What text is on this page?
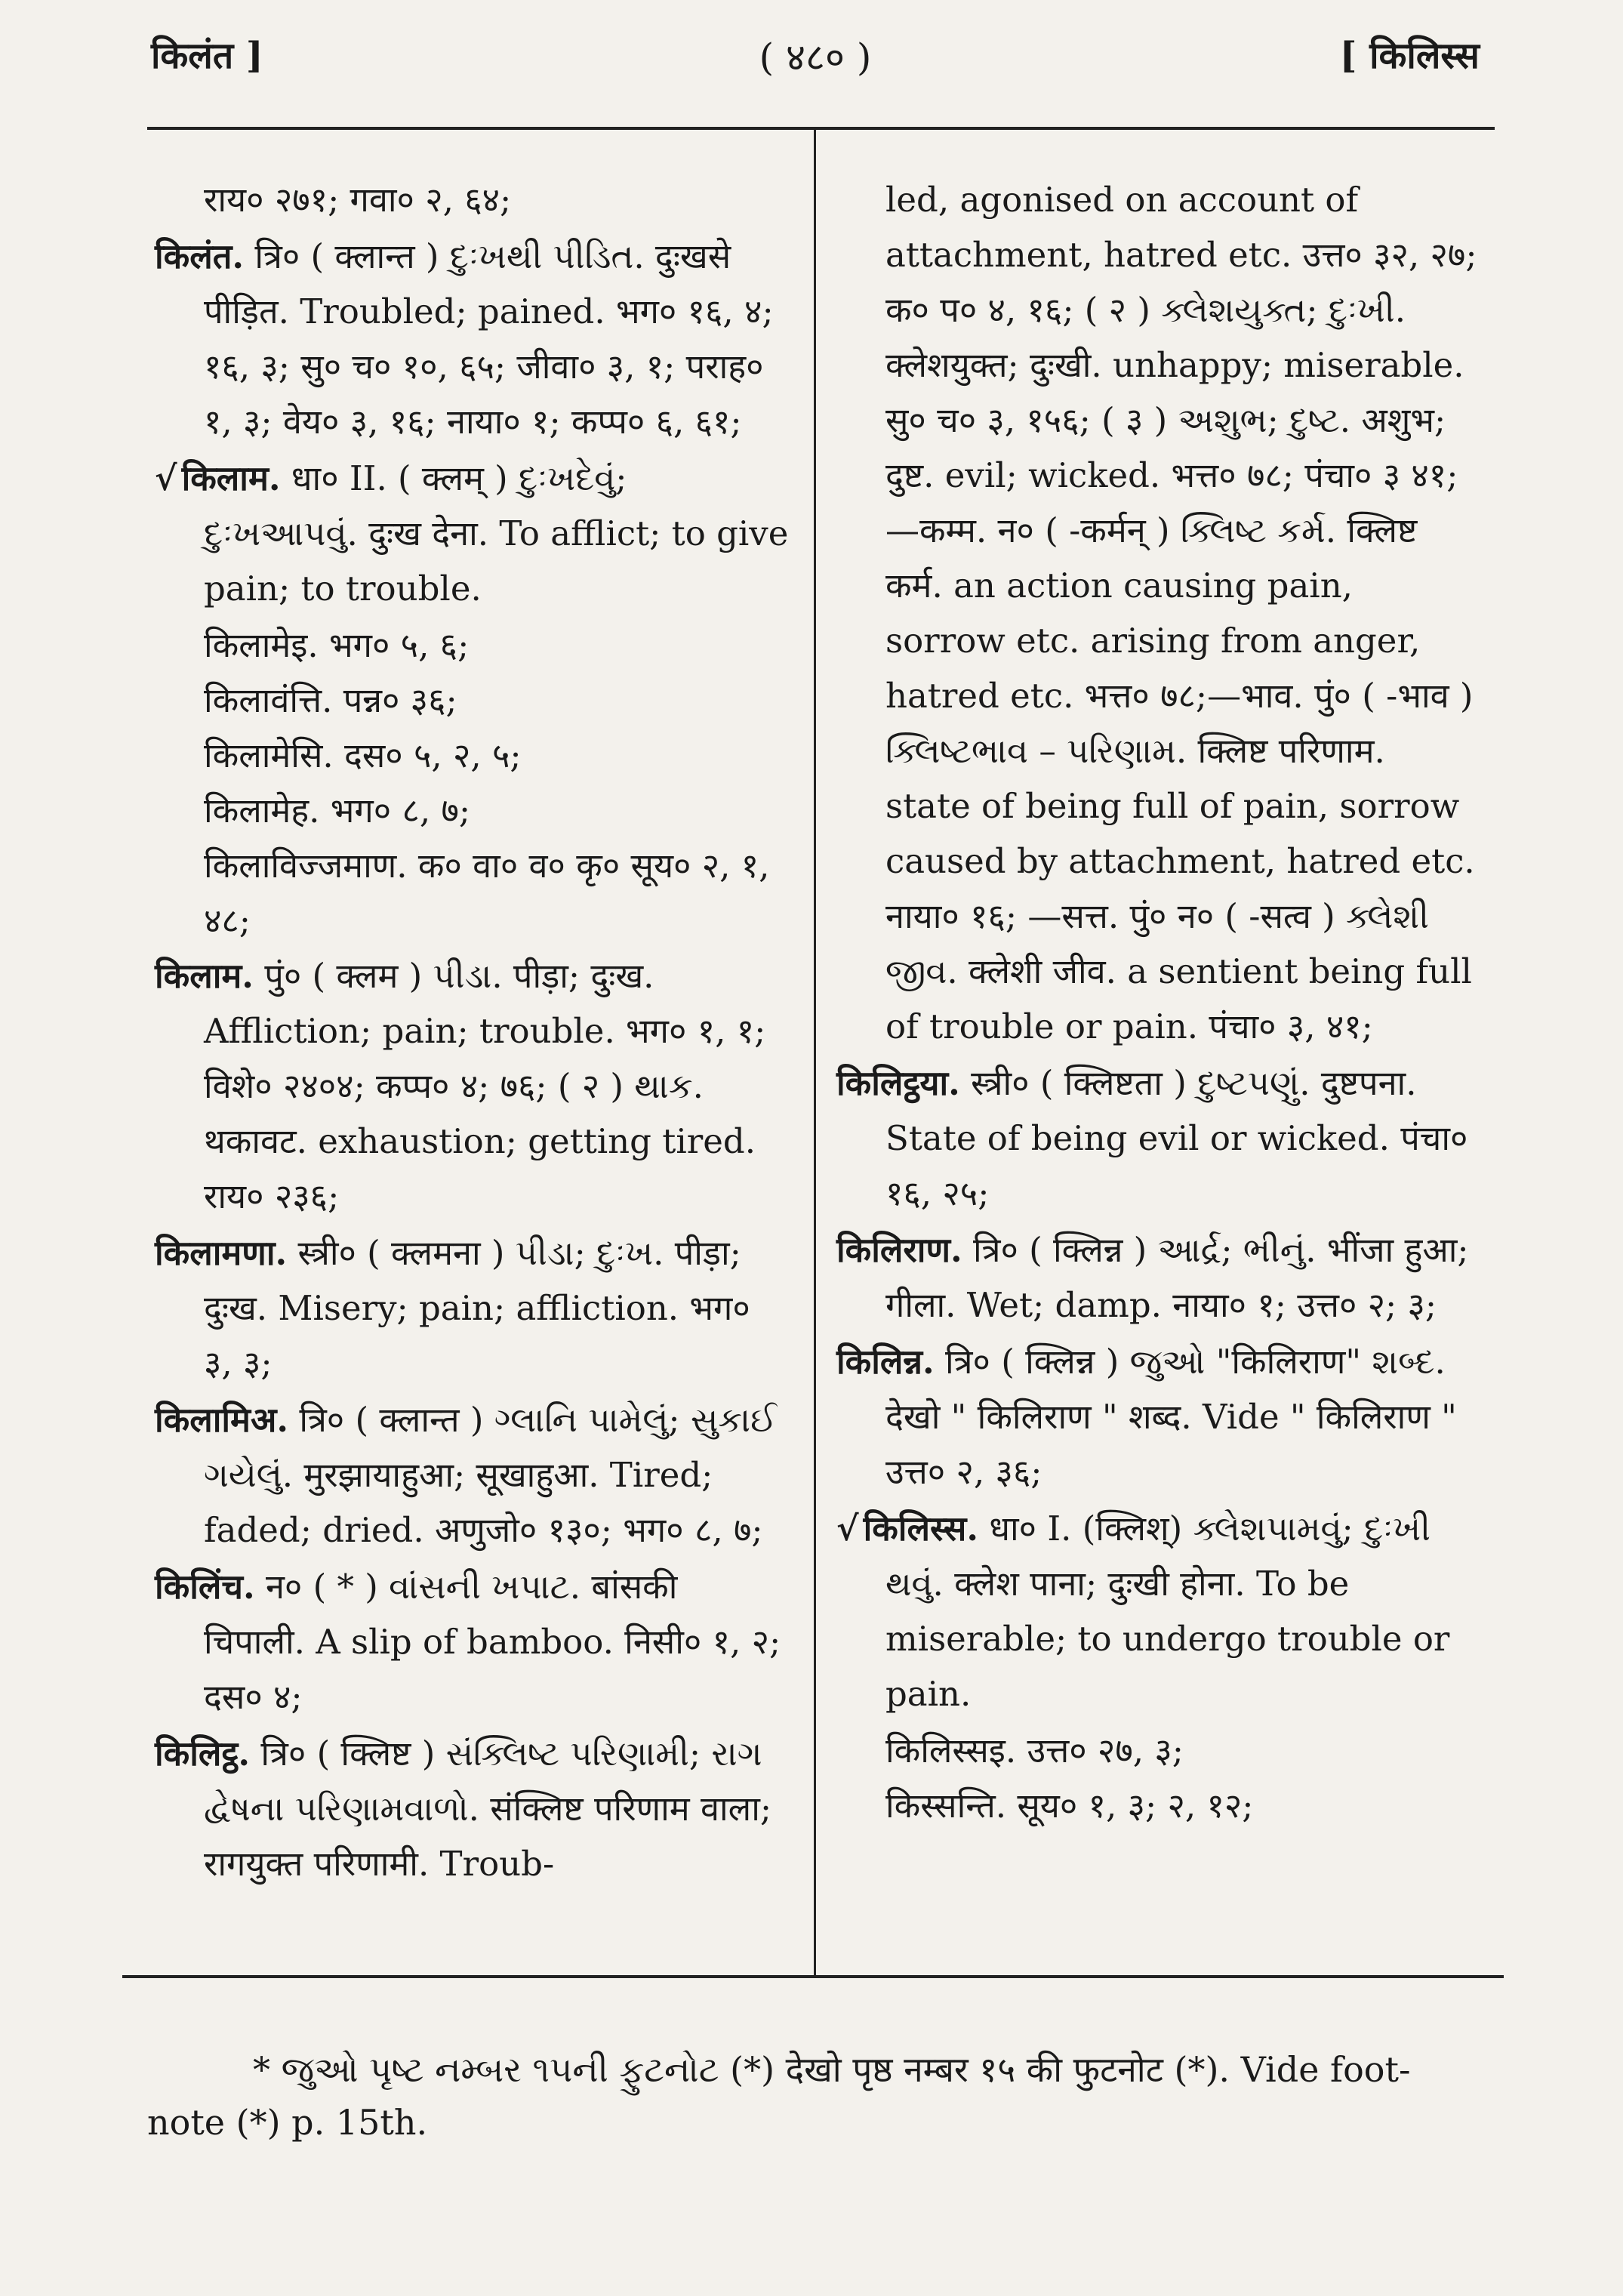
किलंत ]	( ४८० )	[ किलिस्स

राय० २७१; गवा० २, ६४;

किलंत. त्रि० ( क्लान्त ) દુઃખથી પીડિત. दुःखसे पीड़ित. Troubled; pained. भग० १६, ४; १६, ३; सु० च० १०, ६५; जीवा० ३, १; पराह० १, ३; वेय० ३, १६; नाया० १; कप्प० ६, ६१;

√ किलाम. धा० II. ( क्लम् ) દુઃખદેવું; દુઃખઆપવું. दुःख देना. To afflict; to give pain; to trouble.

किलामेइ. भग० ५, ६;

किलावंत्ति. पन्न० ३६;

किलामेसि. दस० ५, २, ५;

किलामेह. भग० ८, ७;

किलाविज्जमाण. क० वा० व० कृ० सूय० २, १, ४८;

किलाम. पुं० ( क्लम ) પીડા. पीड़ा; दुःख. Affliction; pain; trouble. भग० १, १; विशे० २४०४; कप्प० ४; ७६; ( २ ) થાક. थकावट. exhaustion; getting tired. राय० २३६;

किलामणा. स्त्री० ( क्लमना ) પીડા; દુઃખ. पीड़ा; दुःख. Misery; pain; affliction. भग० ३, ३;

किलामिअ. त्रि० ( क्लान्त ) ગ્લાનિ પામેલું; સુકાઈ ગયેલું. मुरझायाहुआ; सूखाहुआ. Tired; faded; dried. अणुजो० १३०; भग० ८, ७;

किलिंच. न० ( * ) વાંસની ખપાટ. बांसकी चिपाली. A slip of bamboo. निसी० १, २; दस० ४;

किलिट्ठ. त्रि० ( क्लिष्ट ) સંક્લિષ્ટ પરિણામી; રાગ દ્વેષના પરિણામવાળો. संक्लिष्ट परिणाम वाला; रागयुक्त परिणामी. Troub-

led, agonised on account of attachment, hatred etc. उत्त० ३२, २७; क० प० ४, १६; ( २ ) ક્લેશયુક્ત; દુઃખી. क्लेशयुक्त; दुःखी. unhappy; miserable. सु० च० ३, १५६; ( ३ ) અશુભ; દુષ્ટ. अशुभ; दुष्ट. evil; wicked. भत्त० ७८; पंचा० ३ ४१; —कम्म. न० ( -कर्मन् ) ક્લિષ્ટ કર્મ. क्लिष्ट कर्म. an action causing pain, sorrow etc. arising from anger, hatred etc. भत्त० ७८;—भाव. पुं० ( -भाव ) ક્લિષ્ટભાવ – પરિણામ. क्लिष्ट परिणाम. state of being full of pain, sorrow caused by attachment, hatred etc. नाया० १६; —सत्त. पुं० न० ( -सत्व ) ક્લેશી જીવ. क्लेशी जीव. a sentient being full of trouble or pain. पंचा० ३, ४१;

किलिट्ठया. स्त्री० ( क्लिष्टता ) દુષ્ટપણું. दुष्टपना. State of being evil or wicked. पंचा० १६, २५;

किलिराण. त्रि० ( क्लिन्न ) આર્દ્ર; ભીનું. भींजा हुआ; गीला. Wet; damp. नाया० १; उत्त० २; ३;

किलिन्न. त्रि० ( क्लिन्न ) જુઓ "किलिराण" શબ્દ. देखो " किलिराण " शब्द. Vide " किलिराण " उत्त० २, ३६;

√ किलिस्स. धा० I. (क्लिश्) ક્લેશપામવું; દુઃખી થવું. क्लेश पाना; दुःखी होना. To be miserable; to undergo trouble or pain.

किलिस्सइ. उत्त० २७, ३;

किस्सन्ति. सूय० १, ३; २, १२;

* જુઓ પૃષ્ટ નમ્બર ૧૫ની ફુટનોટ (*) देखो पृष्ठ नम्बर १५ की फुटनोट (*). Vide foot-note (*) p. 15th.
